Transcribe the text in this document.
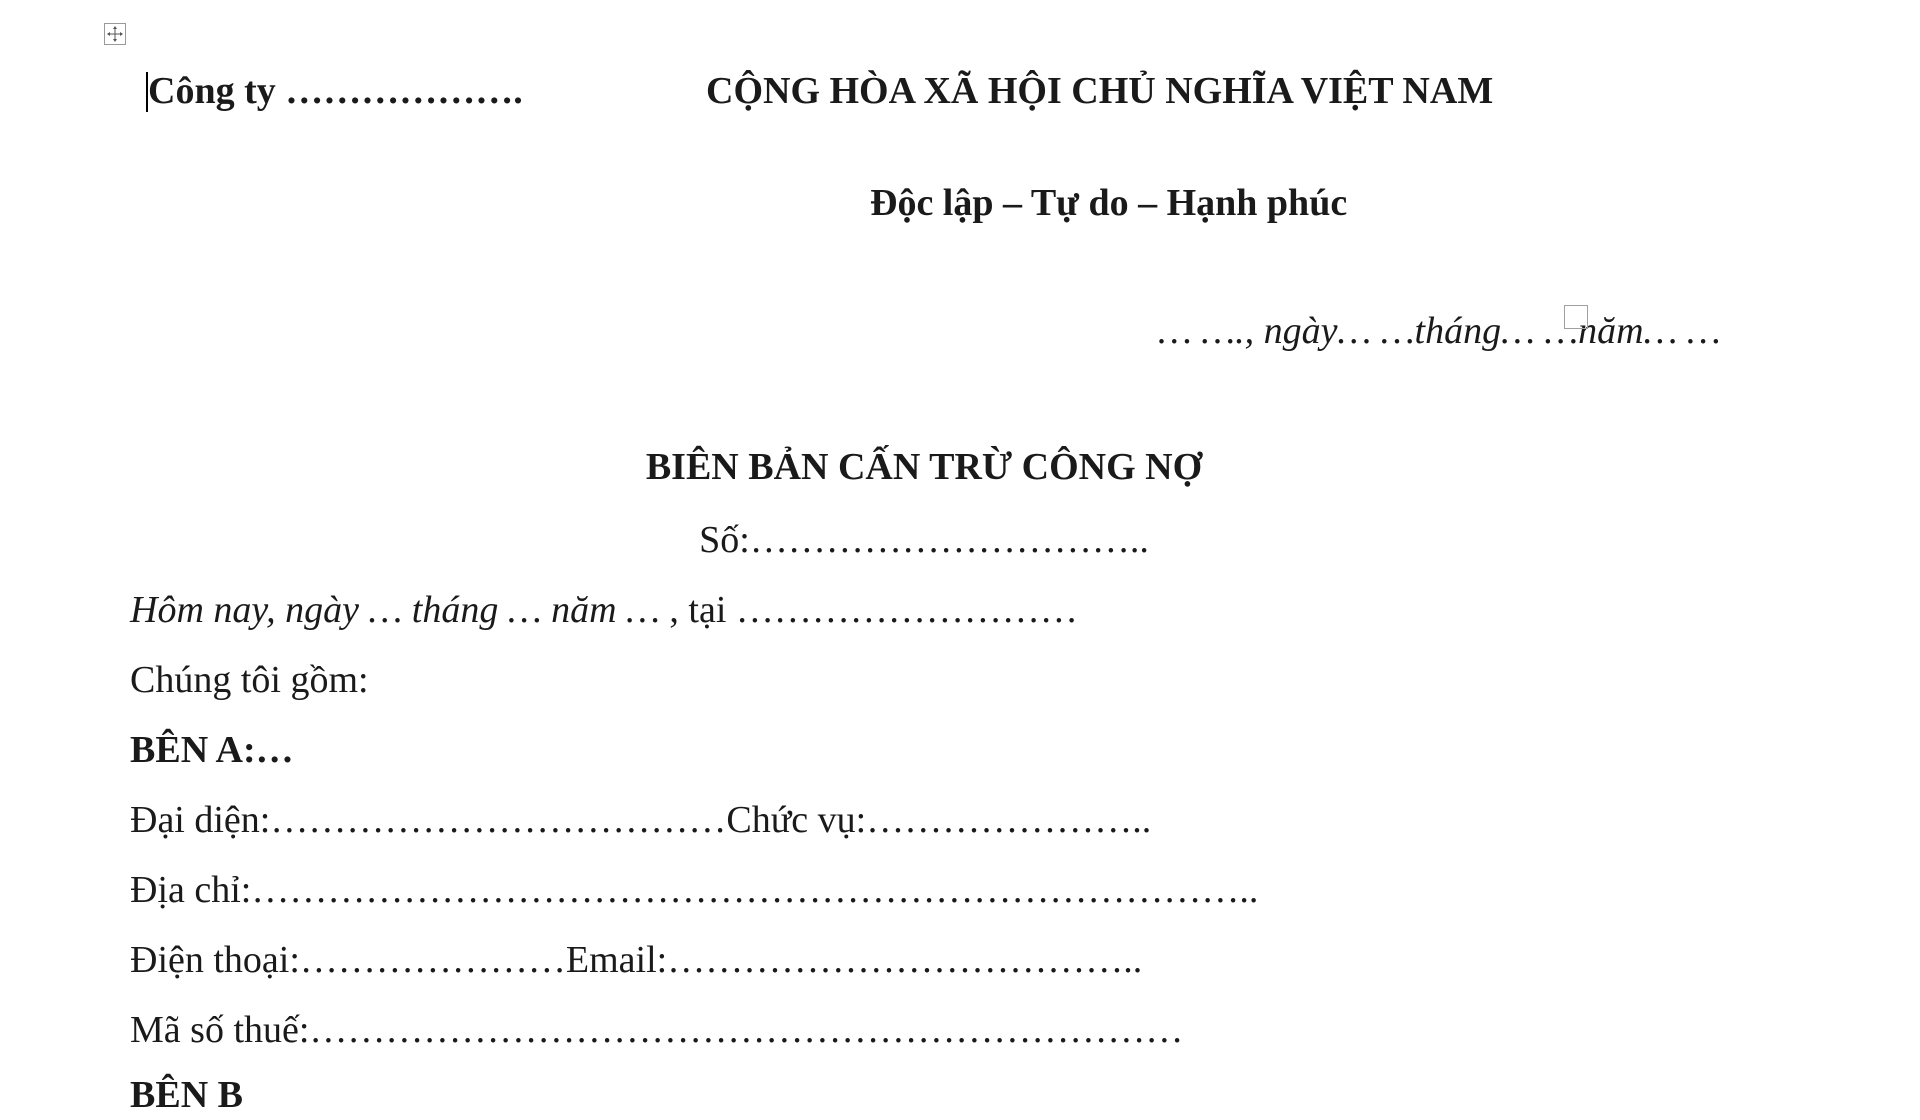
Công ty ……………….	CỘNG HÒA XÃ HỘI CHỦ NGHĨA VIỆT NAM
Độc lập – Tự do – Hạnh phúc
… …., ngày… …tháng… …năm… …
BIÊN BẢN CẤN TRỪ CÔNG NỢ
Số:…………………………..
Hôm nay, ngày … tháng … năm … , tại ………………………
Chúng tôi gồm:
BÊN A:…
Đại diện:………………………………Chức vụ:…………………..
Địa chỉ:……………………………………………………………………..
Điện thoại:…………………Email:………………………………..
Mã số thuế:……………………………………………………………
BÊN B
